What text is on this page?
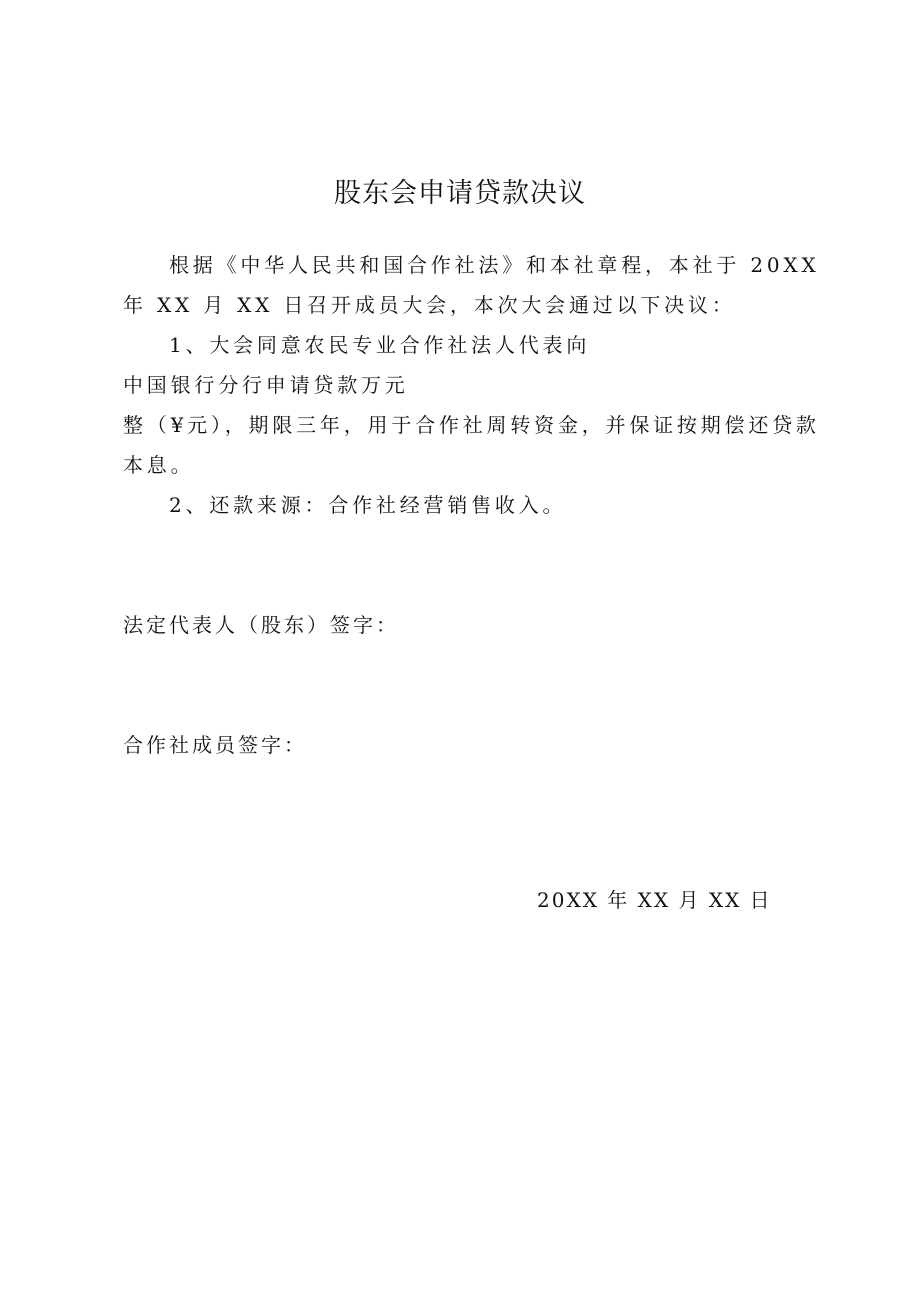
股东会申请贷款决议
根据《中华人民共和国合作社法》和本社章程，本社于 20XX
年 XX 月 XX 日召开成员大会，本次大会通过以下决议：
1、大会同意农民专业合作社法人代表向
中国银行分行申请贷款万元
整（¥元），期限三年，用于合作社周转资金，并保证按期偿还贷款
本息。
2、还款来源：合作社经营销售收入。
法定代表人（股东）签字：
合作社成员签字：
20XX 年 XX 月 XX 日
